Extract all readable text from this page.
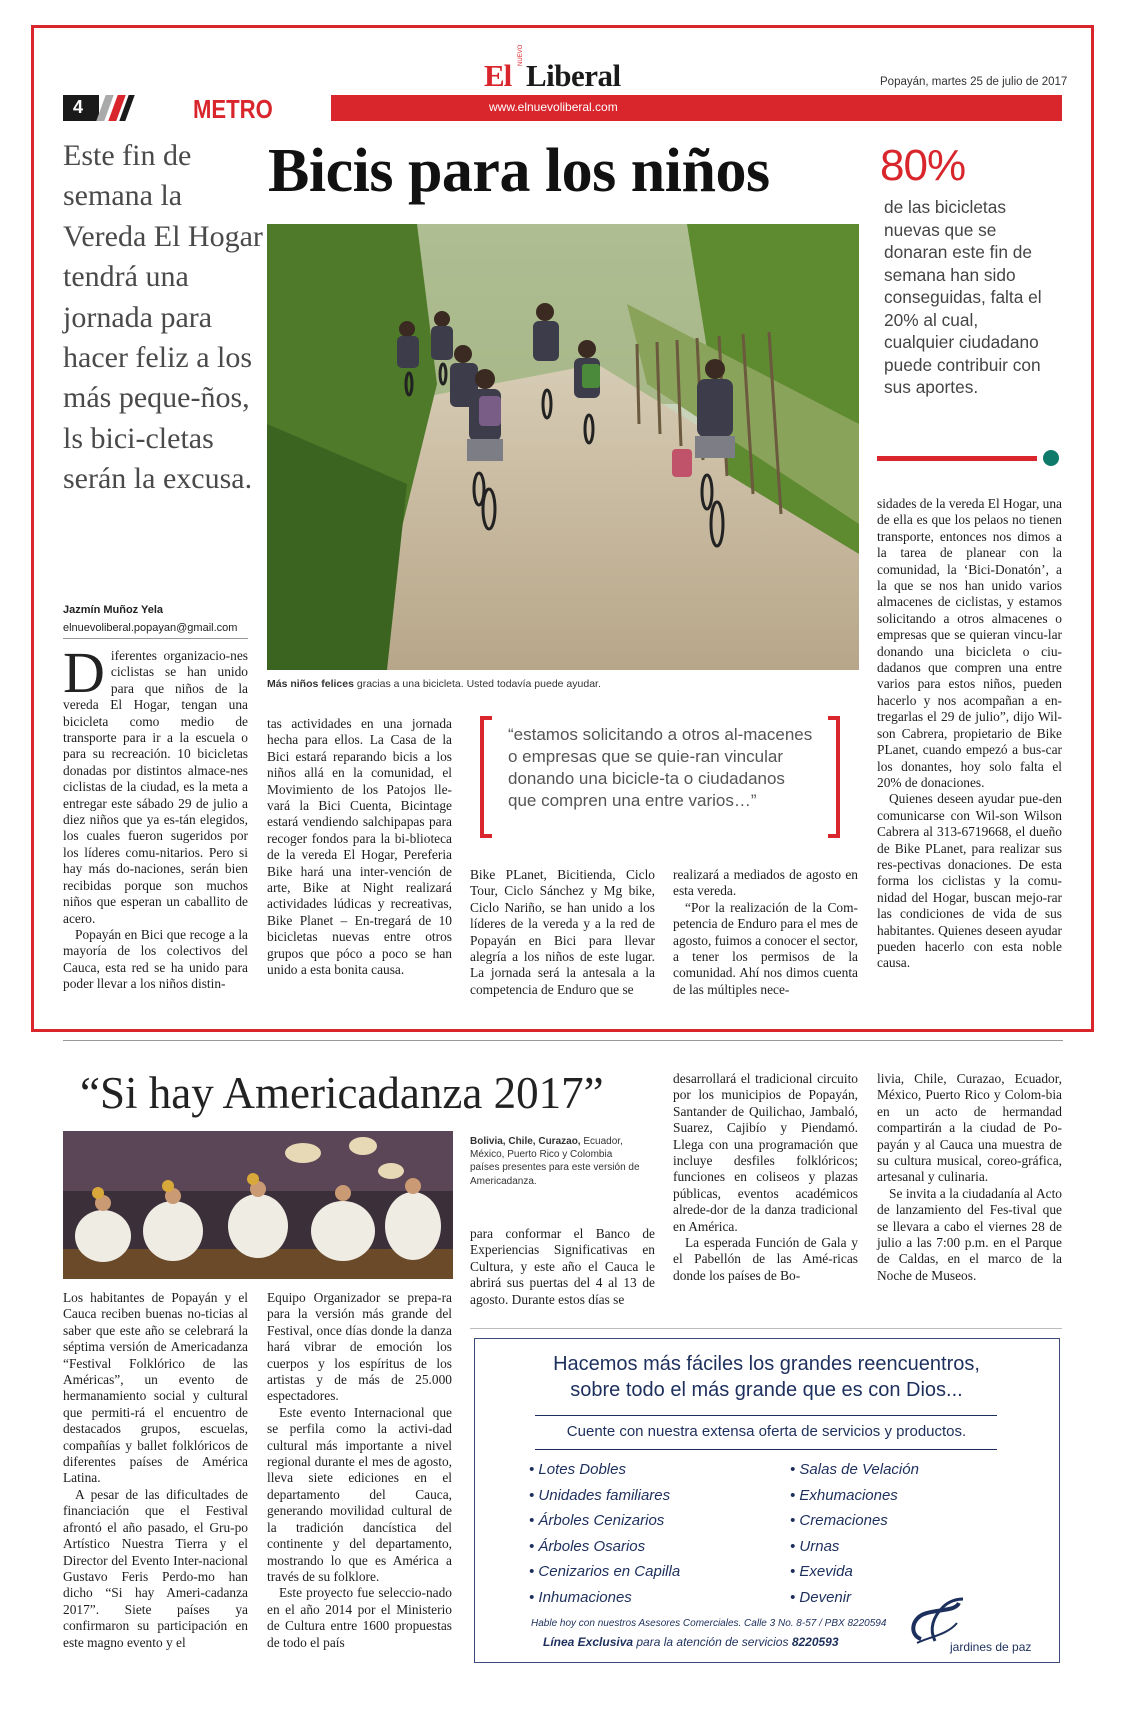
El
NUEVO
Liberal	Popayán, martes 25 de julio de 2017
4	METRO	www.elnuevoliberal.com
Este fin de semana la Vereda El Hogar tendrá una jornada para hacer feliz a los más peque-ños, ls bici-cletas serán la excusa.
Jazmín Muñoz Yela
elnuevoliberal.popayan@gmail.com
Bicis para los niños
Más niños felices gracias a una bicicleta. Usted todavía puede ayudar.
80%
de las bicicletas nuevas que se donaran este fin de semana han sido conseguidas, falta el 20% al cual, cualquier ciudadano puede contribuir con sus aportes.
“estamos solicitando a otros al-macenes o empresas que se quie-ran vincular donando una biciclе-ta o ciudadanos que compren una entre varios…”
D iferentes organizacio-nes ciclistas se han unido para que niños de la vereda El Hogar, tengan una bicicleta como medio de transporte para ir a la escuela o para su recreación. 10 bicicletas donadas por distintos almace-nes ciclistas de la ciudad, es la meta a entregar este sábado 29 de julio a diez niños que ya es-tán elegidos, los cuales fueron sugeridos por los líderes comu-nitarios. Pero si hay más do-naciones, serán bien recibidas porque son muchos niños que esperan un caballito de acero.

Popayán en Bici que recoge a la mayoría de los colectivos del Cauca, esta red se ha unido para poder llevar a los niños distin-

tas actividades en una jornada hecha para ellos. La Casa de la Bici estará reparando bicis a los niños allá en la comunidad, el Movimiento de los Patojos lle-vará la Bici Cuenta, Bicintage estará vendiendo salchipapas para recoger fondos para la bi-blioteca de la vereda El Hogar, Pereferia Bike hará una inter-vención de arte, Bike at Night realizará actividades lúdicas y recreativas, Bike Planet – En-tregará de 10 bicicletas nuevas entre otros grupos que póco a poco se han unido a esta bonita causa.

Bike PLanet, Bicitienda, Ciclo Tour, Ciclo Sánchez y Mg bike, Ciclo Nariño, se han unido a los líderes de la vereda y a la red de Popayán en Bici para llevar alegría a los niños de este lugar. La jornada será la antesala a la competencia de Enduro que se

realizará a mediados de agosto en esta vereda.

“Por la realización de la Com-petencia de Enduro para el mes de agosto, fuimos a conocer el sector, a tener los permisos de la comunidad. Ahí nos dimos cuenta de las múltiples nece-

sidades de la vereda El Hogar, una de ella es que los pelaos no tienen transporte, entonces nos dimos a la tarea de planear con la comunidad, la ‘Bici-Donatón’, a la que se nos han unido varios almacenes de ciclistas, y estamos solicitando a otros almacenes o empresas que se quieran vincu-lar donando una bicicleta o ciu-dadanos que compren una entre varios para estos niños, pueden hacerlo y nos acompañan a en-tregarlas el 29 de julio”, dijo Wil-son Cabrera, propietario de Bike PLanet, cuando empezó a bus-car los donantes, hoy solo falta el 20% de donaciones.

Quienes deseen ayudar pue-den comunicarse con Wil-son Wilson Cabrera al 313-6719668, el dueño de Bike PLanet, para realizar sus res-pectivas donaciones. De esta forma los ciclistas y la comu-nidad del Hogar, buscan mejo-rar las condiciones de vida de sus habitantes. Quienes deseen ayudar pueden hacerlo con esta noble causa.

“Si hay Americadanza 2017”
Bolivia, Chile, Curazao, Ecuador, México, Puerto Rico y Colombia países presentes para este versión de Americadanza.

Los habitantes de Popayán y el Cauca reciben buenas no-ticias al saber que este año se celebrará la séptima versión de Americadanza “Festival Folklórico de las Américas”, un evento de hermanamiento social y cultural que permiti-rá el encuentro de destacados grupos, escuelas, compañías y ballet folklóricos de diferentes países de América Latina.

A pesar de las dificultades de financiación que el Festival afrontó el año pasado, el Gru-po Artístico Nuestra Tierra y el Director del Evento Inter-nacional Gustavo Feris Perdo-mo han dicho “Si hay Ameri-cadanza 2017”. Siete países ya confirmaron su participación en este magno evento y el

Equipo Organizador se prepa-ra para la versión más grande del Festival, once días donde la danza hará vibrar de emoción los cuerpos y los espíritus de los artistas y de más de 25.000 espectadores.

Este evento Internacional que se perfila como la activi-dad cultural más importante a nivel regional durante el mes de agosto, lleva siete ediciones en el departamento del Cauca, generando movilidad cultural de la tradición dancística del continente y del departamento, mostrando lo que es América a través de su folklore.

Este proyecto fue selecciо-nado en el año 2014 por el Ministerio de Cultura entre 1600 propuestas de todo el país

para conformar el Banco de Experiencias Significativas en Cultura, y este año el Cauca le abrirá sus puertas del 4 al 13 de agosto. Durante estos días se

desarrollará el tradicional circuito por los municipios de Popayán, Santander de Quilichao, Jambaló, Suarez, Cajibío y Piendamó. Llega con una programación que incluye desfiles folklóricos; funciones en coliseos y plazas públicas, eventos académicos alrede-dor de la danza tradicional en América.

La esperada Función de Gala y el Pabellón de las Amé-ricas donde los países de Bo-

livia, Chile, Curazao, Ecuador, México, Puerto Rico y Colom-bia en un acto de hermandad compartirán a la ciudad de Po-payán y al Cauca una muestra de su cultura musical, coreo-gráfica, artesanal y culinaria.

Se invita a la ciudadanía al Acto de lanzamiento del Fes-tival que se llevara a cabo el viernes 28 de julio a las 7:00 p.m. en el Parque de Caldas, en el marco de la Noche de Museos.

Hacemos más fáciles los grandes reencuentros,
sobre todo el más grande que es con Dios...
Cuente con nuestra extensa oferta de servicios y productos.
• Lotes Dobles
• Unidades familiares
• Árboles Cenizarios
• Árboles Osarios
• Cenizarios en Capilla
• Inhumaciones
• Salas de Velación
• Exhumaciones
• Cremaciones
• Urnas
• Exevida
• Devenir
Hable hoy con nuestros Asesores Comerciales. Calle 3 No. 8-57 / PBX 8220594
Línea Exclusiva para la atención de servicios 8220593	jardines de paz
